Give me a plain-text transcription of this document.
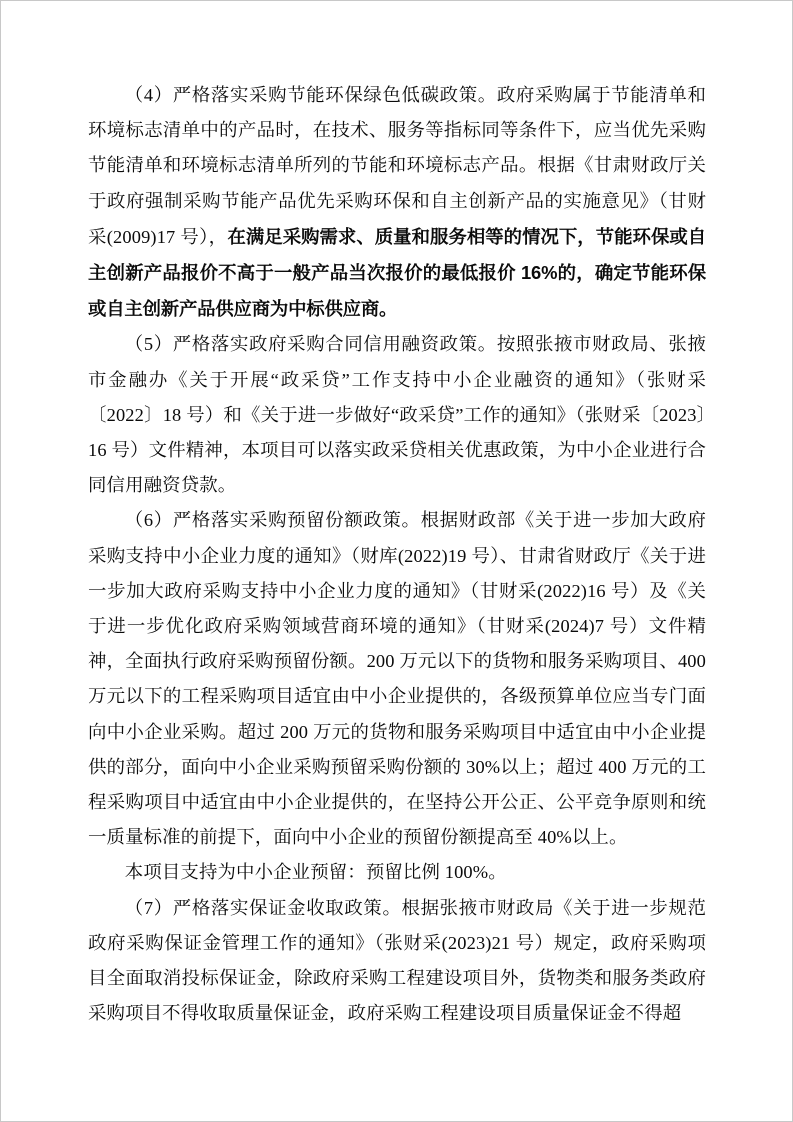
（4）严格落实采购节能环保绿色低碳政策。政府采购属于节能清单和环境标志清单中的产品时，在技术、服务等指标同等条件下，应当优先采购节能清单和环境标志清单所列的节能和环境标志产品。根据《甘肃财政厅关于政府强制采购节能产品优先采购环保和自主创新产品的实施意见》（甘财采(2009)17 号），在满足采购需求、质量和服务相等的情况下，节能环保或自主创新产品报价不高于一般产品当次报价的最低报价 16%的，确定节能环保或自主创新产品供应商为中标供应商。

（5）严格落实政府采购合同信用融资政策。按照张掖市财政局、张掖市金融办《关于开展“政采贷”工作支持中小企业融资的通知》（张财采〔2022〕18 号）和《关于进一步做好“政采贷”工作的通知》（张财采〔2023〕16 号）文件精神，本项目可以落实政采贷相关优惠政策，为中小企业进行合同信用融资贷款。

（6）严格落实采购预留份额政策。根据财政部《关于进一步加大政府采购支持中小企业力度的通知》（财库(2022)19 号）、甘肃省财政厅《关于进一步加大政府采购支持中小企业力度的通知》（甘财采(2022)16 号）及《关于进一步优化政府采购领域营商环境的通知》（甘财采(2024)7 号）文件精神，全面执行政府采购预留份额。200 万元以下的货物和服务采购项目、400 万元以下的工程采购项目适宜由中小企业提供的，各级预算单位应当专门面向中小企业采购。超过 200 万元的货物和服务采购项目中适宜由中小企业提供的部分，面向中小企业采购预留采购份额的 30%以上；超过 400 万元的工程采购项目中适宜由中小企业提供的，在坚持公开公正、公平竞争原则和统一质量标准的前提下，面向中小企业的预留份额提高至 40%以上。

本项目支持为中小企业预留：预留比例 100%。

（7）严格落实保证金收取政策。根据张掖市财政局《关于进一步规范政府采购保证金管理工作的通知》（张财采(2023)21 号）规定，政府采购项目全面取消投标保证金，除政府采购工程建设项目外，货物类和服务类政府采购项目不得收取质量保证金，政府采购工程建设项目质量保证金不得超
